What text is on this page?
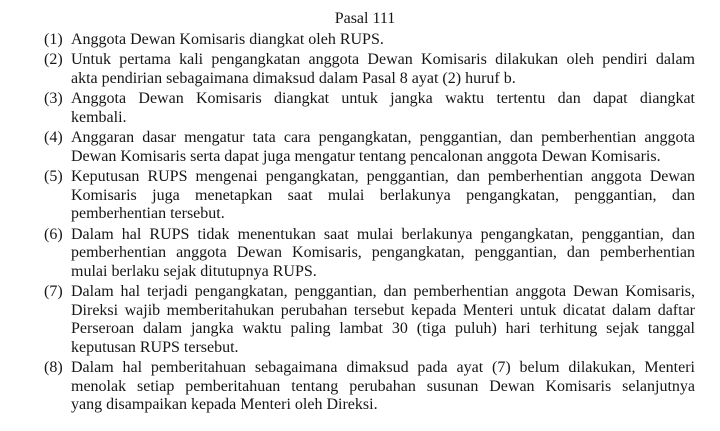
Pasal 111
(1) Anggota Dewan Komisaris diangkat oleh RUPS.
(2) Untuk pertama kali pengangkatan anggota Dewan Komisaris dilakukan oleh pendiri dalam
akta pendirian sebagaimana dimaksud dalam Pasal 8 ayat (2) huruf b.
(3) Anggota Dewan Komisaris diangkat untuk jangka waktu tertentu dan dapat diangkat
kembali.
(4) Anggaran dasar mengatur tata cara pengangkatan, penggantian, dan pemberhentian anggota
Dewan Komisaris serta dapat juga mengatur tentang pencalonan anggota Dewan Komisaris.
(5) Keputusan RUPS mengenai pengangkatan, penggantian, dan pemberhentian anggota Dewan
Komisaris juga menetapkan saat mulai berlakunya pengangkatan, penggantian, dan
pemberhentian tersebut.
(6) Dalam hal RUPS tidak menentukan saat mulai berlakunya pengangkatan, penggantian, dan
pemberhentian anggota Dewan Komisaris, pengangkatan, penggantian, dan pemberhentian
mulai berlaku sejak ditutupnya RUPS.
(7) Dalam hal terjadi pengangkatan, penggantian, dan pemberhentian anggota Dewan Komisaris,
Direksi wajib memberitahukan perubahan tersebut kepada Menteri untuk dicatat dalam daftar
Perseroan dalam jangka waktu paling lambat 30 (tiga puluh) hari terhitung sejak tanggal
keputusan RUPS tersebut.
(8) Dalam hal pemberitahuan sebagaimana dimaksud pada ayat (7) belum dilakukan, Menteri
menolak setiap pemberitahuan tentang perubahan susunan Dewan Komisaris selanjutnya
yang disampaikan kepada Menteri oleh Direksi.
